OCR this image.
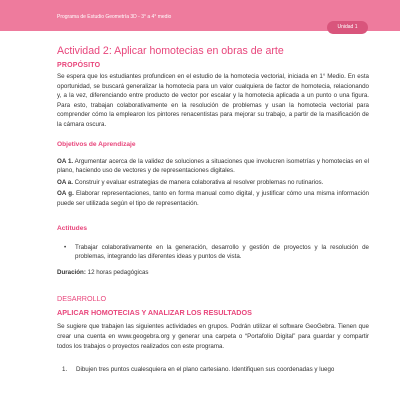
Programa de Estudio Geometría 3D - 3° a 4° medio
Unidad 1
Actividad 2: Aplicar homotecias en obras de arte
PROPÓSITO

Se espera que los estudiantes profundicen en el estudio de la homotecia vectorial, iniciada en 1° Medio. En esta oportunidad, se buscará generalizar la homotecia para un valor cualquiera de factor de homotecia, relacionando y, a la vez, diferenciando entre producto de vector por escalar y la homotecia aplicada a un punto o una figura. Para esto, trabajan colaborativamente en la resolución de problemas y usan la homotecia vectorial para comprender cómo la emplearon los pintores renacentistas para mejorar su trabajo, a partir de la masificación de la cámara oscura.

Objetivos de Aprendizaje

OA 1. Argumentar acerca de la validez de soluciones a situaciones que involucren isometrías y homotecias en el plano, haciendo uso de vectores y de representaciones digitales.

OA a. Construir y evaluar estrategias de manera colaborativa al resolver problemas no rutinarios.

OA g. Elaborar representaciones, tanto en forma manual como digital, y justificar cómo una misma información puede ser utilizada según el tipo de representación.

Actitudes
• Trabajar colaborativamente en la generación, desarrollo y gestión de proyectos y la resolución de problemas, integrando las diferentes ideas y puntos de vista.

Duración: 12 horas pedagógicas

DESARROLLO
APLICAR HOMOTECIAS Y ANALIZAR LOS RESULTADOS

Se sugiere que trabajen las siguientes actividades en grupos. Podrán utilizar el software GeoGebra. Tienen que crear una cuenta en www.geogebra.org y generar una carpeta o “Portafolio Digital” para guardar y compartir todos los trabajos o proyectos realizados con este programa.

1. Dibujen tres puntos cualesquiera en el plano cartesiano. Identifiquen sus coordenadas y luego
